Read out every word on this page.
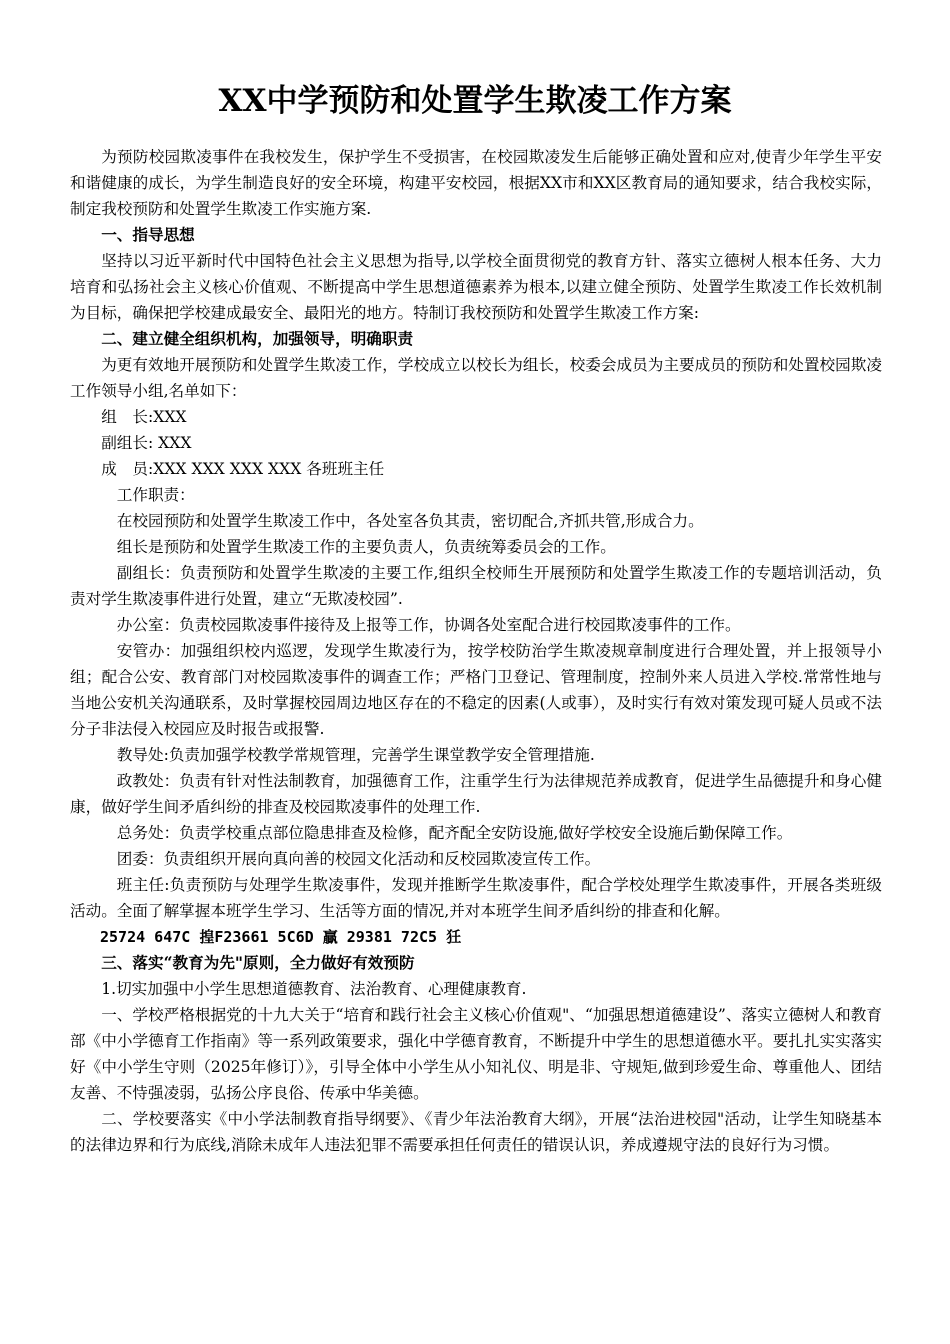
XX中学预防和处置学生欺凌工作方案

为预防校园欺凌事件在我校发生，保护学生不受损害，在校园欺凌发生后能够正确处置和应对,使青少年学生平安和谐健康的成长，为学生制造良好的安全环境，构建平安校园，根据XX市和XX区教育局的通知要求，结合我校实际，制定我校预防和处置学生欺凌工作实施方案.

一、指导思想

坚持以习近平新时代中国特色社会主义思想为指导,以学校全面贯彻党的教育方针、落实立德树人根本任务、大力培育和弘扬社会主义核心价值观、不断提高中学生思想道德素养为根本,以建立健全预防、处置学生欺凌工作长效机制为目标，确保把学校建成最安全、最阳光的地方。特制订我校预防和处置学生欺凌工作方案:

二、建立健全组织机构，加强领导，明确职责

为更有效地开展预防和处置学生欺凌工作，学校成立以校长为组长，校委会成员为主要成员的预防和处置校园欺凌工作领导小组,名单如下：

组　长:XXX

副组长: XXX

成　员:XXX XXX XXX XXX 各班班主任

工作职责：

在校园预防和处置学生欺凌工作中，各处室各负其责，密切配合,齐抓共管,形成合力。

组长是预防和处置学生欺凌工作的主要负责人，负责统筹委员会的工作。

副组长：负责预防和处置学生欺凌的主要工作,组织全校师生开展预防和处置学生欺凌工作的专题培训活动，负责对学生欺凌事件进行处置，建立“无欺凌校园”.

办公室：负责校园欺凌事件接待及上报等工作，协调各处室配合进行校园欺凌事件的工作。

安管办：加强组织校内巡逻，发现学生欺凌行为，按学校防治学生欺凌规章制度进行合理处置，并上报领导小组；配合公安、教育部门对校园欺凌事件的调查工作；严格门卫登记、管理制度，控制外来人员进入学校.常常性地与当地公安机关沟通联系，及时掌握校园周边地区存在的不稳定的因素(人或事），及时实行有效对策发现可疑人员或不法分子非法侵入校园应及时报告或报警.

教导处:负责加强学校教学常规管理，完善学生课堂教学安全管理措施.

政教处：负责有针对性法制教育，加强德育工作，注重学生行为法律规范养成教育，促进学生品德提升和身心健康，做好学生间矛盾纠纷的排查及校园欺凌事件的处理工作.

总务处：负责学校重点部位隐患排查及检修，配齐配全安防设施,做好学校安全设施后勤保障工作。

团委：负责组织开展向真向善的校园文化活动和反校园欺凌宣传工作。

班主任:负责预防与处理学生欺凌事件，发现并推断学生欺凌事件，配合学校处理学生欺凌事件，开展各类班级活动。全面了解掌握本班学生学习、生活等方面的情况,并对本班学生间矛盾纠纷的排查和化解。

25724 647C 揘F23661 5C6D 贏 29381 72C5 狅

三、落实“教育为先"原则，全力做好有效预防

1.切实加强中小学生思想道德教育、法治教育、心理健康教育.

一、学校严格根据党的十九大关于“培育和践行社会主义核心价值观"、“加强思想道德建设”、落实立德树人和教育部《中小学德育工作指南》等一系列政策要求，强化中学德育教育，不断提升中学生的思想道德水平。要扎扎实实落实好《中小学生守则（2025年修订）》，引导全体中小学生从小知礼仪、明是非、守规矩,做到珍爱生命、尊重他人、团结友善、不恃强凌弱，弘扬公序良俗、传承中华美德。

二、学校要落实《中小学法制教育指导纲要》、《青少年法治教育大纲》，开展“法治进校园"活动，让学生知晓基本的法律边界和行为底线,消除未成年人违法犯罪不需要承担任何责任的错误认识，养成遵规守法的良好行为习惯。
